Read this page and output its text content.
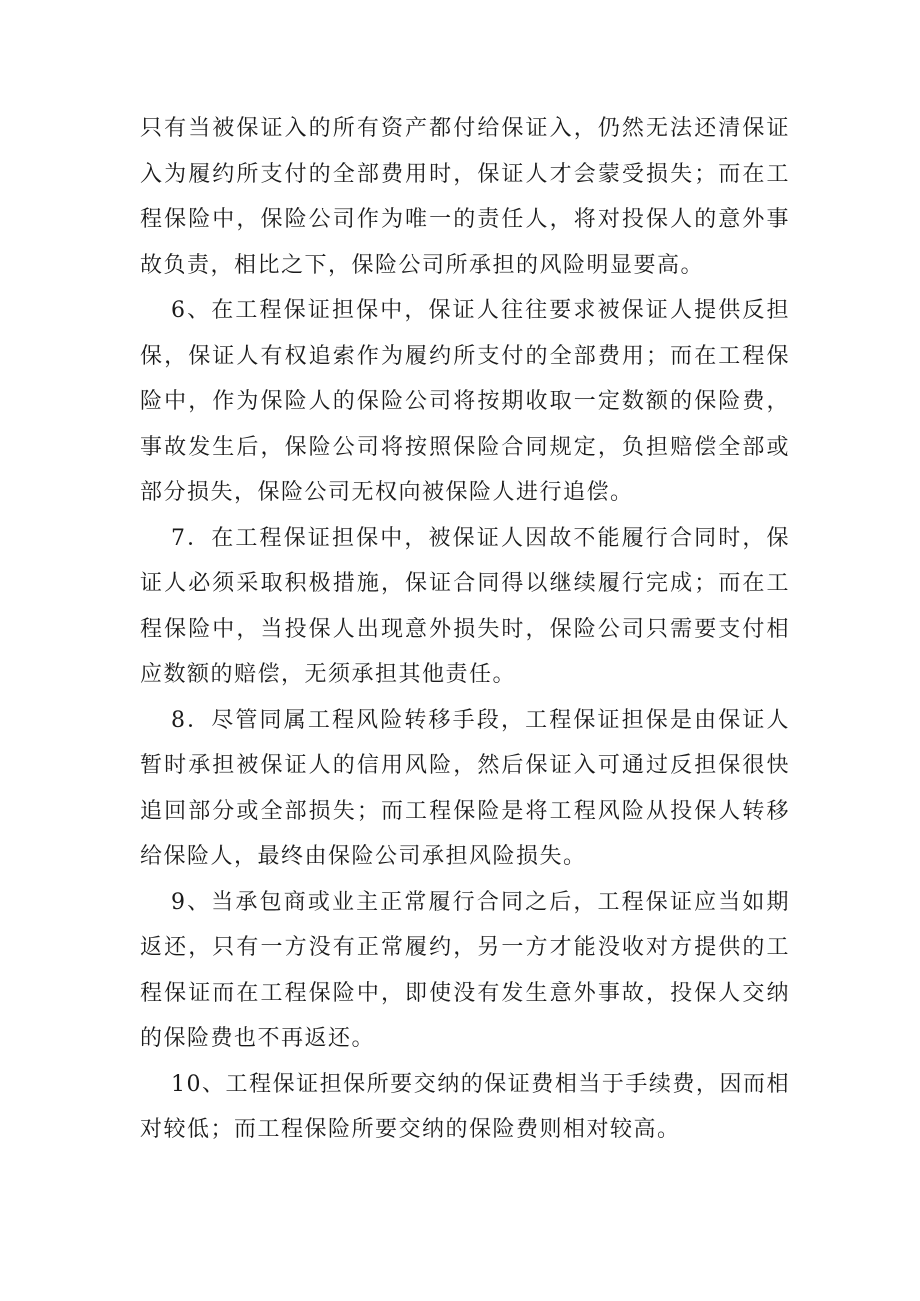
只有当被保证入的所有资产都付给保证入，仍然无法还清保证入为履约所支付的全部费用时，保证人才会蒙受损失；而在工程保险中，保险公司作为唯一的责任人，将对投保人的意外事故负责，相比之下，保险公司所承担的风险明显要高。

6、在工程保证担保中，保证人往往要求被保证人提供反担保，保证人有权追索作为履约所支付的全部费用；而在工程保险中，作为保险人的保险公司将按期收取一定数额的保险费，事故发生后，保险公司将按照保险合同规定，负担赔偿全部或部分损失，保险公司无权向被保险人进行追偿。

7．在工程保证担保中，被保证人因故不能履行合同时，保证人必须采取积极措施，保证合同得以继续履行完成；而在工程保险中，当投保人出现意外损失时，保险公司只需要支付相应数额的赔偿，无须承担其他责任。

8．尽管同属工程风险转移手段，工程保证担保是由保证人暂时承担被保证人的信用风险，然后保证入可通过反担保很快追回部分或全部损失；而工程保险是将工程风险从投保人转移给保险人，最终由保险公司承担风险损失。

9、当承包商或业主正常履行合同之后，工程保证应当如期返还，只有一方没有正常履约，另一方才能没收对方提供的工程保证而在工程保险中，即使没有发生意外事故，投保人交纳的保险费也不再返还。

10、工程保证担保所要交纳的保证费相当于手续费，因而相对较低；而工程保险所要交纳的保险费则相对较高。
